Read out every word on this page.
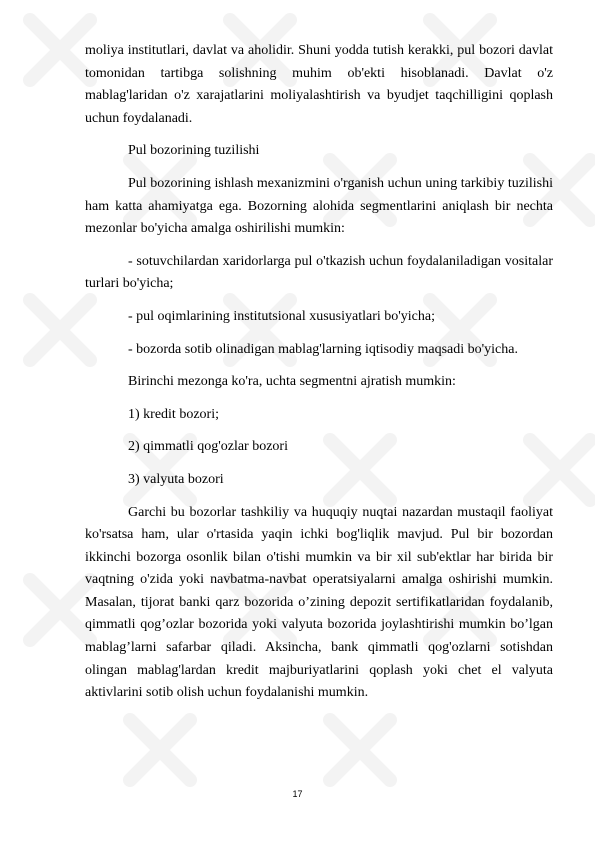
moliya institutlari, davlat va aholidir. Shuni yodda tutish kerakki, pul bozori davlat tomonidan tartibga solishning muhim ob'ekti hisoblanadi. Davlat o'z mablag'laridan o'z xarajatlarini moliyalashtirish va byudjet taqchilligini qoplash uchun foydalanadi.

Pul bozorining tuzilishi

Pul bozorining ishlash mexanizmini o'rganish uchun uning tarkibiy tuzilishi ham katta ahamiyatga ega. Bozorning alohida segmentlarini aniqlash bir nechta mezonlar bo'yicha amalga oshirilishi mumkin:

- sotuvchilardan xaridorlarga pul o'tkazish uchun foydalaniladigan vositalar turlari bo'yicha;

- pul oqimlarining institutsional xususiyatlari bo'yicha;

- bozorda sotib olinadigan mablag'larning iqtisodiy maqsadi bo'yicha.

Birinchi mezonga ko'ra, uchta segmentni ajratish mumkin:

1) kredit bozori;

2) qimmatli qog'ozlar bozori

3) valyuta bozori

Garchi bu bozorlar tashkiliy va huquqiy nuqtai nazardan mustaqil faoliyat ko'rsatsa ham, ular o'rtasida yaqin ichki bog'liqlik mavjud. Pul bir bozordan ikkinchi bozorga osonlik bilan o'tishi mumkin va bir xil sub'ektlar har birida bir vaqtning o'zida yoki navbatma-navbat operatsiyalarni amalga oshirishi mumkin. Masalan, tijorat banki qarz bozorida o’zining depozit sertifikatlaridan foydalanib, qimmatli qog’ozlar bozorida yoki valyuta bozorida joylashtirishi mumkin bo’lgan mablag’larni safarbar qiladi. Aksincha, bank qimmatli qog'ozlarni sotishdan olingan mablag'lardan kredit majburiyatlarini qoplash yoki chet el valyuta aktivlarini sotib olish uchun foydalanishi mumkin.

17
